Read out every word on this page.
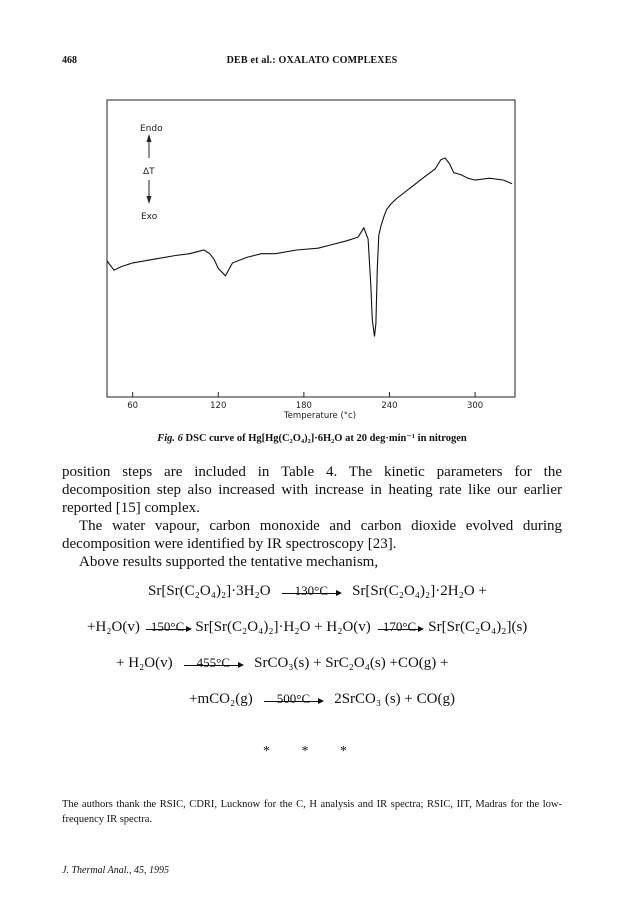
468	DEB et al.: OXALATO COMPLEXES
Endo
ΔT
Exo
60	120	180	240	300
Temperature (°c)
Fig. 6 DSC curve of Hg[Hg(C₂O₄)₂]·6H₂O at 20 deg·min⁻¹ in nitrogen
position steps are included in Table 4. The kinetic parameters for the decomposition step also increased with increase in heating rate like our earlier reported [15] complex.
The water vapour, carbon monoxide and carbon dioxide evolved during decomposition were identified by IR spectroscopy [23].
Above results supported the tentative mechanism,
Sr[Sr(C₂O₄)₂]·3H₂O	130°C	Sr[Sr(C₂O₄)₂]·2H₂O +
+H₂O(v) 150°C Sr[Sr(C₂O₄)₂]·H₂O + H₂O(v) 170°C Sr[Sr(C₂O₄)₂](s)
+ H₂O(v)	455°C	SrCO₃(s) + SrC₂O₄(s) +CO(g) +
+mCO₂(g)	500°C	2SrCO₃ (s) + CO(g)
* * *
The authors thank the RSIC, CDRI, Lucknow for the C, H analysis and IR spectra; RSIC, IIT, Madras for the low-frequency IR spectra.
J. Thermal Anal., 45, 1995
